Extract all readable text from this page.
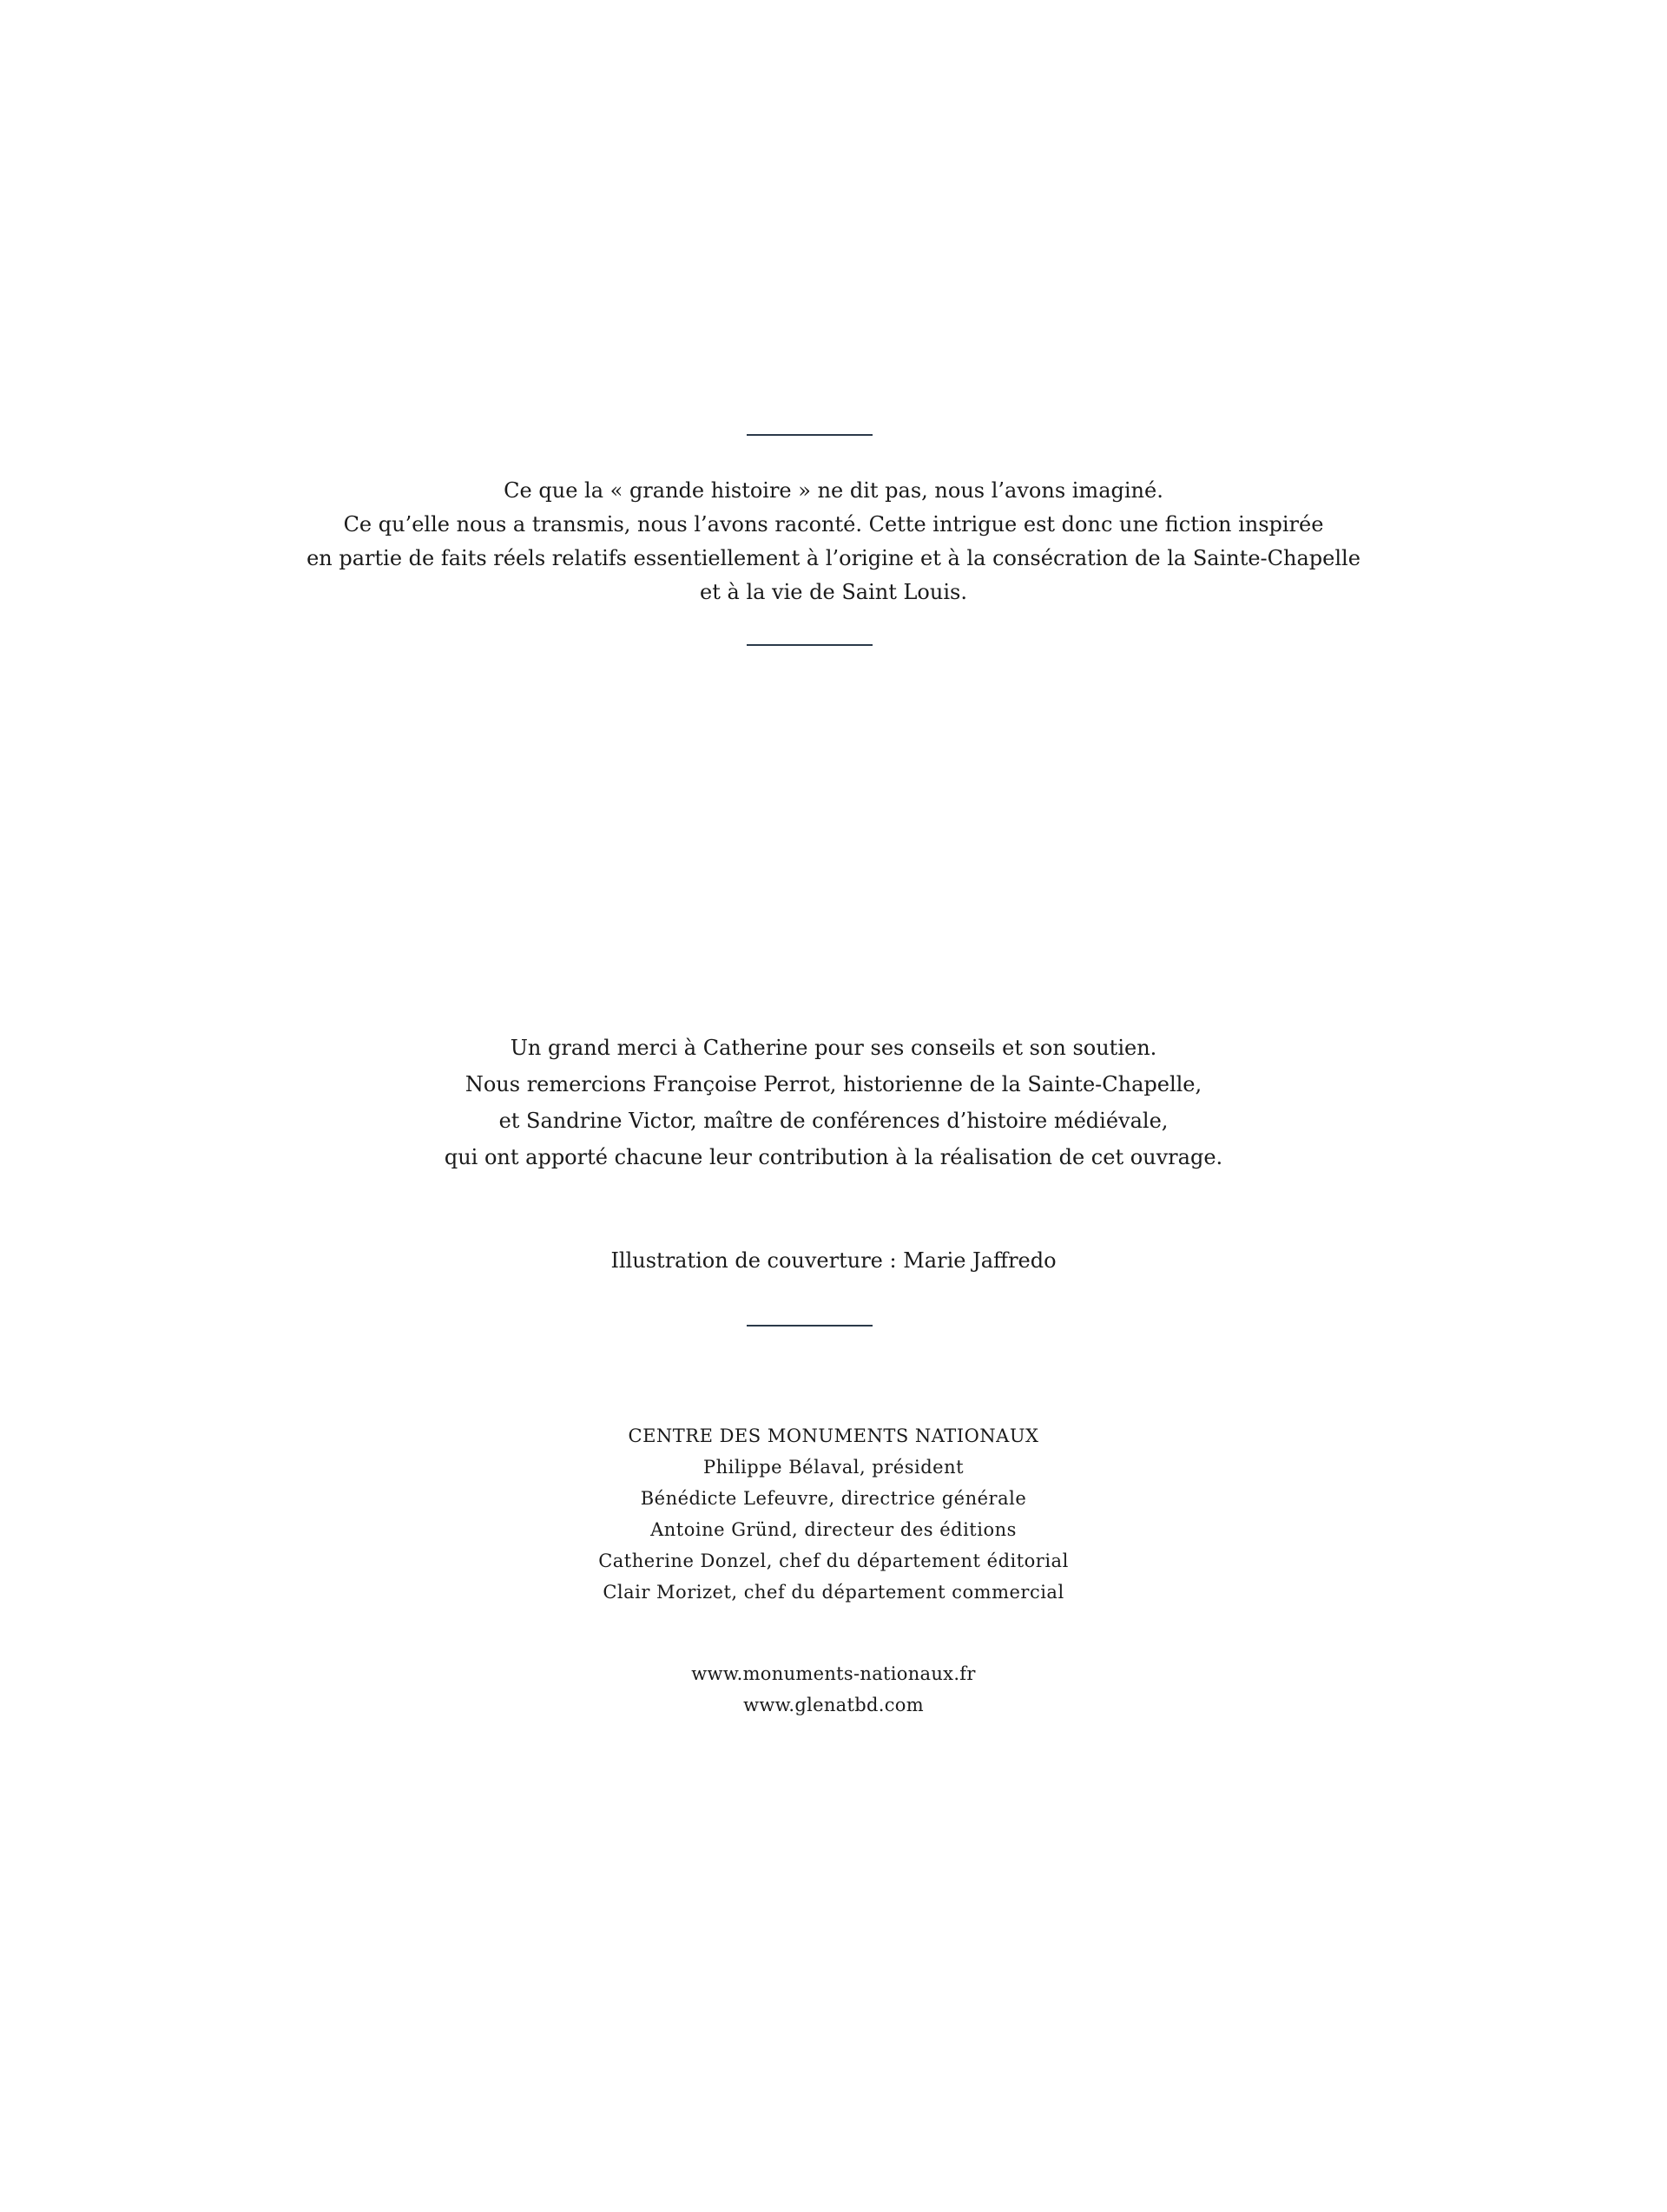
Ce que la « grande histoire » ne dit pas, nous l’avons imaginé.

Ce qu’elle nous a transmis, nous l’avons raconté. Cette intrigue est donc une fiction inspirée

en partie de faits réels relatifs essentiellement à l’origine et à la consécration de la Sainte-Chapelle

et à la vie de Saint Louis.

Un grand merci à Catherine pour ses conseils et son soutien.

Nous remercions Françoise Perrot, historienne de la Sainte-Chapelle,

et Sandrine Victor, maître de conférences d’histoire médiévale,

qui ont apporté chacune leur contribution à la réalisation de cet ouvrage.

Illustration de couverture : Marie Jaffredo

CENTRE DES MONUMENTS NATIONAUX

Philippe Bélaval, président

Bénédicte Lefeuvre, directrice générale

Antoine Gründ, directeur des éditions

Catherine Donzel, chef du département éditorial

Clair Morizet, chef du département commercial

www.monuments-nationaux.fr

www.glenatbd.com
